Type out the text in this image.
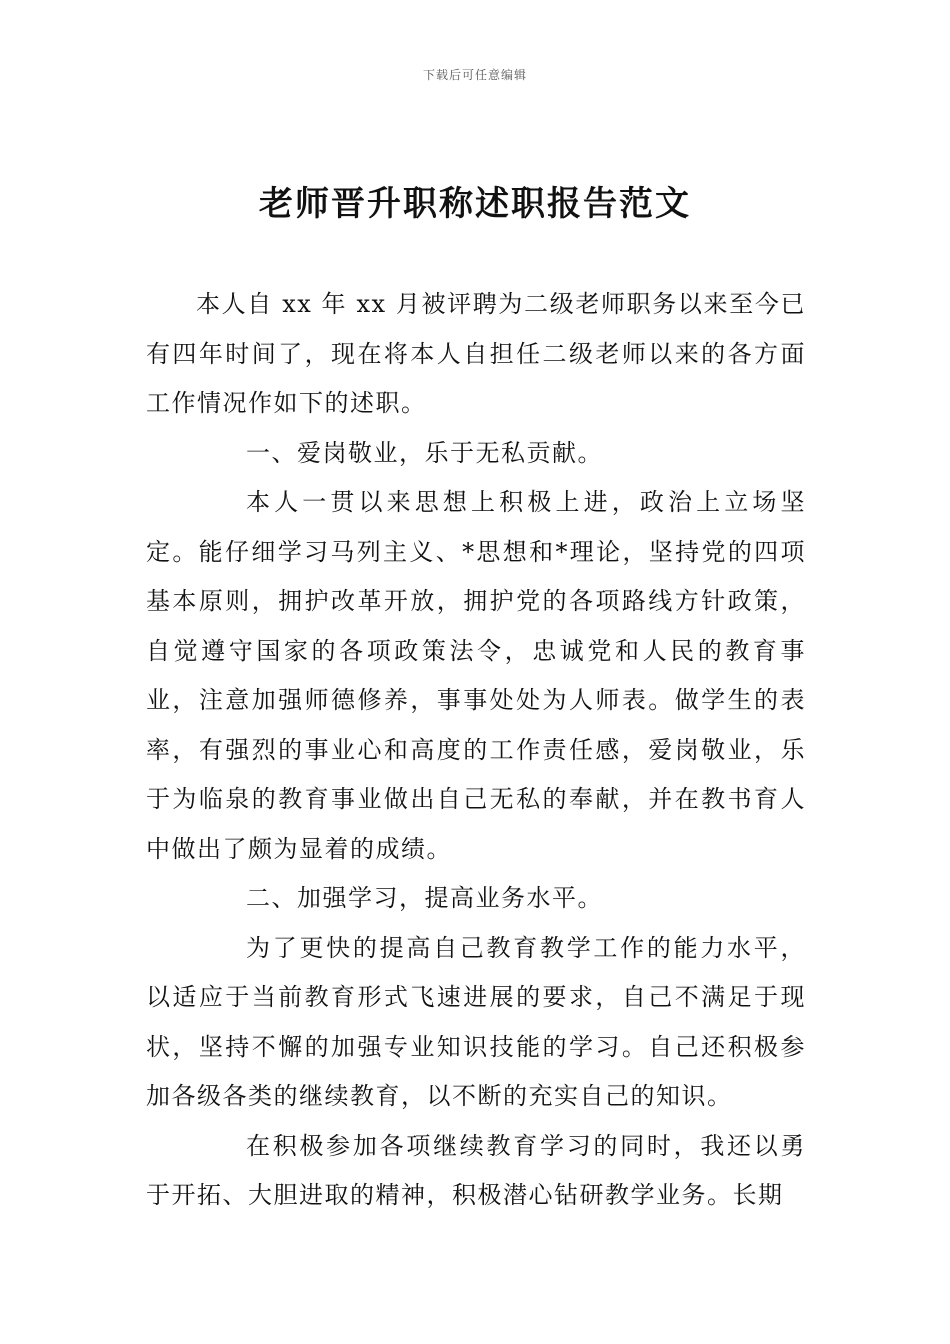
下载后可任意编辑
老师晋升职称述职报告范文

本人自 xx 年 xx 月被评聘为二级老师职务以来至今已有四年时间了，现在将本人自担任二级老师以来的各方面工作情况作如下的述职。

一、爱岗敬业，乐于无私贡献。

本人一贯以来思想上积极上进，政治上立场坚定。能仔细学习马列主义、*思想和*理论，坚持党的四项基本原则，拥护改革开放，拥护党的各项路线方针政策，自觉遵守国家的各项政策法令，忠诚党和人民的教育事业，注意加强师德修养，事事处处为人师表。做学生的表率，有强烈的事业心和高度的工作责任感，爱岗敬业，乐于为临泉的教育事业做出自己无私的奉献，并在教书育人中做出了颇为显着的成绩。

二、加强学习，提高业务水平。

为了更快的提高自己教育教学工作的能力水平，以适应于当前教育形式飞速进展的要求，自己不满足于现状，坚持不懈的加强专业知识技能的学习。自己还积极参加各级各类的继续教育，以不断的充实自己的知识。

在积极参加各项继续教育学习的同时，我还以勇于开拓、大胆进取的精神，积极潜心钻研教学业务。长期
